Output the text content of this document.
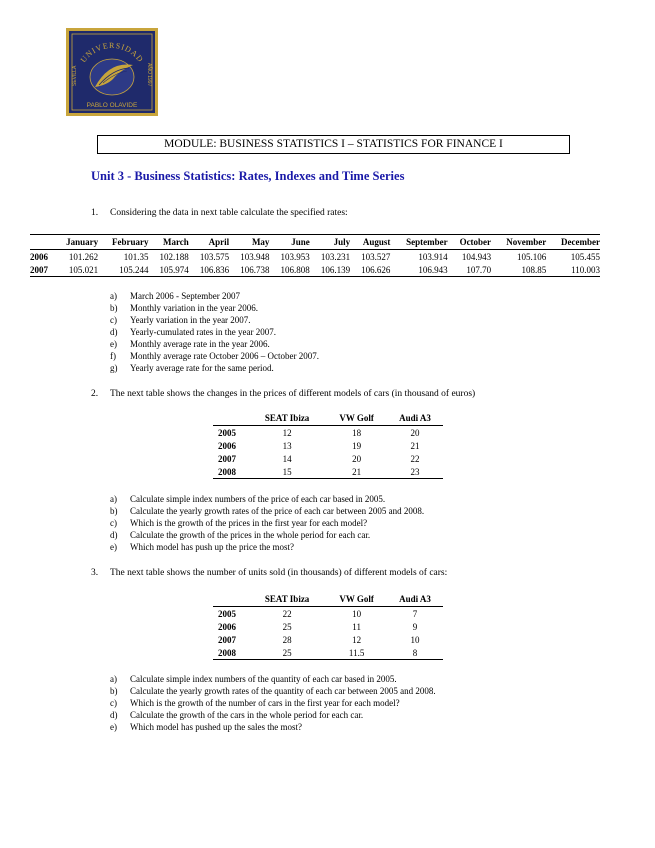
UNIVERSIDAD
SEVILLA	AÑO 1997
PABLO OLAVIDE
MODULE: BUSINESS STATISTICS I – STATISTICS FOR FINANCE I
Unit 3 - Business Statistics: Rates, Indexes and Time Series
1. Considering the data in next table calculate the specified rates:
	January	February	March	April	May	June	July	August	September	October	November	December
2006	101.262	101.35	102.188	103.575	103.948	103.953	103.231	103.527	103.914	104.943	105.106	105.455
2007	105.021	105.244	105.974	106.836	106.738	106.808	106.139	106.626	106.943	107.70	108.85	110.003
a) March 2006 - September 2007
b) Monthly variation in the year 2006.
c) Yearly variation in the year 2007.
d) Yearly-cumulated rates in the year 2007.
e) Monthly average rate in the year 2006.
f) Monthly average rate October 2006 – October 2007.
g) Yearly average rate for the same period.
2. The next table shows the changes in the prices of different models of cars (in thousand of euros)
	SEAT Ibiza	VW Golf	Audi A3
2005	12	18	20
2006	13	19	21
2007	14	20	22
2008	15	21	23
a) Calculate simple index numbers of the price of each car based in 2005.
b) Calculate the yearly growth rates of the price of each car between 2005 and 2008.
c) Which is the growth of the prices in the first year for each model?
d) Calculate the growth of the prices in the whole period for each car.
e) Which model has push up the price the most?
3. The next table shows the number of units sold (in thousands) of different models of cars:
	SEAT Ibiza	VW Golf	Audi A3
2005	22	10	7
2006	25	11	9
2007	28	12	10
2008	25	11.5	8
a) Calculate simple index numbers of the quantity of each car based in 2005.
b) Calculate the yearly growth rates of the quantity of each car between 2005 and 2008.
c) Which is the growth of the number of cars in the first year for each model?
d) Calculate the growth of the cars in the whole period for each car.
e) Which model has pushed up the sales the most?
